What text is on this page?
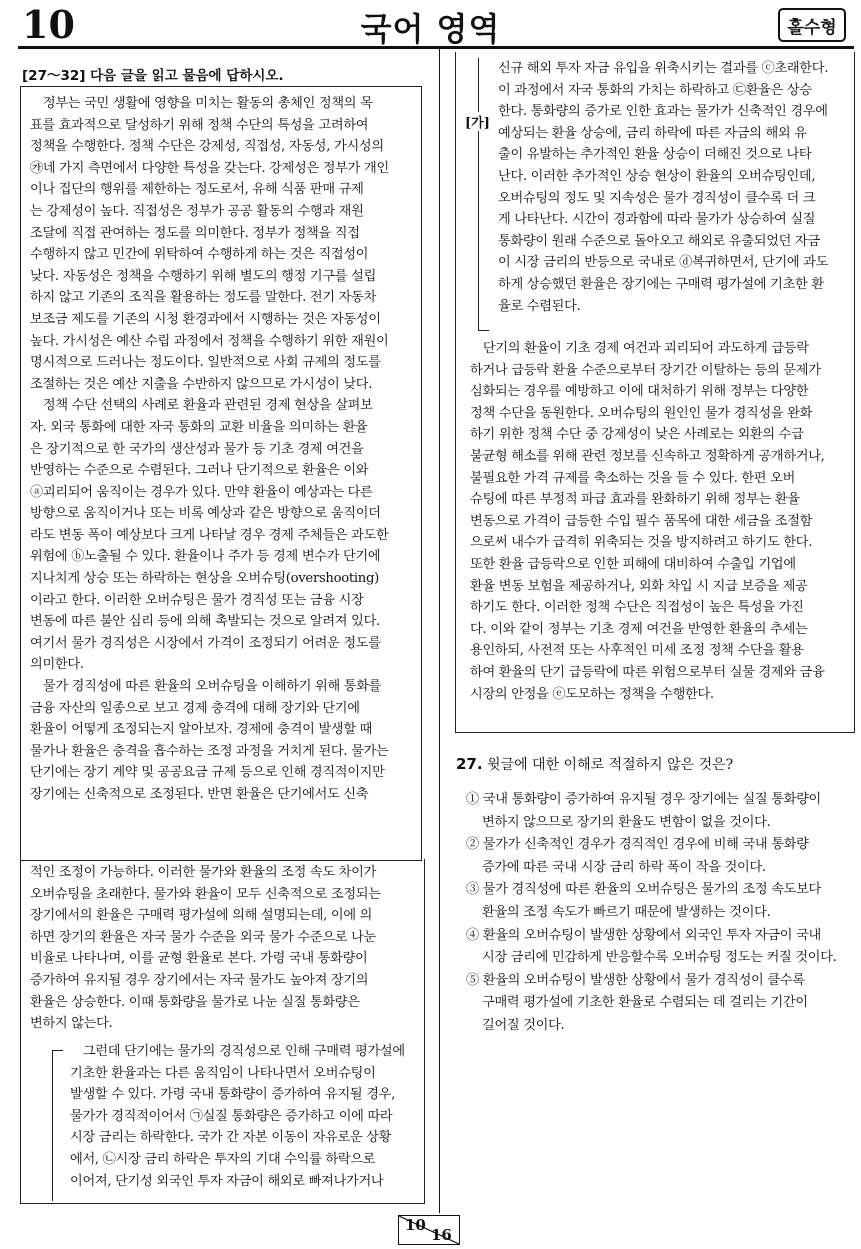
10	국어 영역	홀수형
[27～32] 다음 글을 읽고 물음에 답하시오.
　정부는 국민 생활에 영향을 미치는 활동의 총체인 정책의 목
표를 효과적으로 달성하기 위해 정책 수단의 특성을 고려하여
정책을 수행한다. 정책 수단은 강제성, 직접성, 자동성, 가시성의
㉮네 가지 측면에서 다양한 특성을 갖는다. 강제성은 정부가 개인
이나 집단의 행위를 제한하는 정도로서, 유해 식품 판매 규제
는 강제성이 높다. 직접성은 정부가 공공 활동의 수행과 재원
조달에 직접 관여하는 정도를 의미한다. 정부가 정책을 직접
수행하지 않고 민간에 위탁하여 수행하게 하는 것은 직접성이
낮다. 자동성은 정책을 수행하기 위해 별도의 행정 기구를 설립
하지 않고 기존의 조직을 활용하는 정도를 말한다. 전기 자동차
보조금 제도를 기존의 시청 환경과에서 시행하는 것은 자동성이
높다. 가시성은 예산 수립 과정에서 정책을 수행하기 위한 재원이
명시적으로 드러나는 정도이다. 일반적으로 사회 규제의 정도를
조절하는 것은 예산 지출을 수반하지 않으므로 가시성이 낮다.
　정책 수단 선택의 사례로 환율과 관련된 경제 현상을 살펴보
자. 외국 통화에 대한 자국 통화의 교환 비율을 의미하는 환율
은 장기적으로 한 국가의 생산성과 물가 등 기초 경제 여건을
반영하는 수준으로 수렴된다. 그러나 단기적으로 환율은 이와
ⓐ괴리되어 움직이는 경우가 있다. 만약 환율이 예상과는 다른
방향으로 움직이거나 또는 비록 예상과 같은 방향으로 움직이더
라도 변동 폭이 예상보다 크게 나타날 경우 경제 주체들은 과도한
위험에 ⓑ노출될 수 있다. 환율이나 주가 등 경제 변수가 단기에
지나치게 상승 또는 하락하는 현상을 오버슈팅(overshooting)
이라고 한다. 이러한 오버슈팅은 물가 경직성 또는 금융 시장
변동에 따른 불안 심리 등에 의해 촉발되는 것으로 알려져 있다.
여기서 물가 경직성은 시장에서 가격이 조정되기 어려운 정도를
의미한다.
　물가 경직성에 따른 환율의 오버슈팅을 이해하기 위해 통화를
금융 자산의 일종으로 보고 경제 충격에 대해 장기와 단기에
환율이 어떻게 조정되는지 알아보자. 경제에 충격이 발생할 때
물가나 환율은 충격을 흡수하는 조정 과정을 거치게 된다. 물가는
단기에는 장기 계약 및 공공요금 규제 등으로 인해 경직적이지만
장기에는 신축적으로 조정된다. 반면 환율은 단기에서도 신축
적인 조정이 가능하다. 이러한 물가와 환율의 조정 속도 차이가
오버슈팅을 초래한다. 물가와 환율이 모두 신축적으로 조정되는
장기에서의 환율은 구매력 평가설에 의해 설명되는데, 이에 의
하면 장기의 환율은 자국 물가 수준을 외국 물가 수준으로 나눈
비율로 나타나며, 이를 균형 환율로 본다. 가령 국내 통화량이
증가하여 유지될 경우 장기에서는 자국 물가도 높아져 장기의
환율은 상승한다. 이때 통화량을 물가로 나눈 실질 통화량은
변하지 않는다.
　그런데 단기에는 물가의 경직성으로 인해 구매력 평가설에
기초한 환율과는 다른 움직임이 나타나면서 오버슈팅이
발생할 수 있다. 가령 국내 통화량이 증가하여 유지될 경우,
물가가 경직적이어서 ㉠실질 통화량은 증가하고 이에 따라
시장 금리는 하락한다. 국가 간 자본 이동이 자유로운 상황
에서, ㉡시장 금리 하락은 투자의 기대 수익률 하락으로
이어져, 단기성 외국인 투자 자금이 해외로 빠져나가거나
[가]
신규 해외 투자 자금 유입을 위축시키는 결과를 ⓒ초래한다.
이 과정에서 자국 통화의 가치는 하락하고 ㉢환율은 상승
한다. 통화량의 증가로 인한 효과는 물가가 신축적인 경우에
예상되는 환율 상승에, 금리 하락에 따른 자금의 해외 유
출이 유발하는 추가적인 환율 상승이 더해진 것으로 나타
난다. 이러한 추가적인 상승 현상이 환율의 오버슈팅인데,
오버슈팅의 정도 및 지속성은 물가 경직성이 클수록 더 크
게 나타난다. 시간이 경과함에 따라 물가가 상승하여 실질
통화량이 원래 수준으로 돌아오고 해외로 유출되었던 자금
이 시장 금리의 반등으로 국내로 ⓓ복귀하면서, 단기에 과도
하게 상승했던 환율은 장기에는 구매력 평가설에 기초한 환
율로 수렴된다.
　단기의 환율이 기초 경제 여건과 괴리되어 과도하게 급등락
하거나 급등락 환율 수준으로부터 장기간 이탈하는 등의 문제가
심화되는 경우를 예방하고 이에 대처하기 위해 정부는 다양한
정책 수단을 동원한다. 오버슈팅의 원인인 물가 경직성을 완화
하기 위한 정책 수단 중 강제성이 낮은 사례로는 외환의 수급
불균형 해소를 위해 관련 정보를 신속하고 정확하게 공개하거나,
불필요한 가격 규제를 축소하는 것을 들 수 있다. 한편 오버
슈팅에 따른 부정적 파급 효과를 완화하기 위해 정부는 환율
변동으로 가격이 급등한 수입 필수 품목에 대한 세금을 조절함
으로써 내수가 급격히 위축되는 것을 방지하려고 하기도 한다.
또한 환율 급등락으로 인한 피해에 대비하여 수출입 기업에
환율 변동 보험을 제공하거나, 외화 차입 시 지급 보증을 제공
하기도 한다. 이러한 정책 수단은 직접성이 높은 특성을 가진
다. 이와 같이 정부는 기초 경제 여건을 반영한 환율의 추세는
용인하되, 사전적 또는 사후적인 미세 조정 정책 수단을 활용
하여 환율의 단기 급등락에 따른 위험으로부터 실물 경제와 금융
시장의 안정을 ⓔ도모하는 정책을 수행한다.
27. 윗글에 대한 이해로 적절하지 않은 것은?
① 국내 통화량이 증가하여 유지될 경우 장기에는 실질 통화량이
변하지 않으므로 장기의 환율도 변함이 없을 것이다.
② 물가가 신축적인 경우가 경직적인 경우에 비해 국내 통화량
증가에 따른 국내 시장 금리 하락 폭이 작을 것이다.
③ 물가 경직성에 따른 환율의 오버슈팅은 물가의 조정 속도보다
환율의 조정 속도가 빠르기 때문에 발생하는 것이다.
④ 환율의 오버슈팅이 발생한 상황에서 외국인 투자 자금이 국내
시장 금리에 민감하게 반응할수록 오버슈팅 정도는 커질 것이다.
⑤ 환율의 오버슈팅이 발생한 상황에서 물가 경직성이 클수록
구매력 평가설에 기초한 환율로 수렴되는 데 걸리는 기간이
길어질 것이다.
10
16
